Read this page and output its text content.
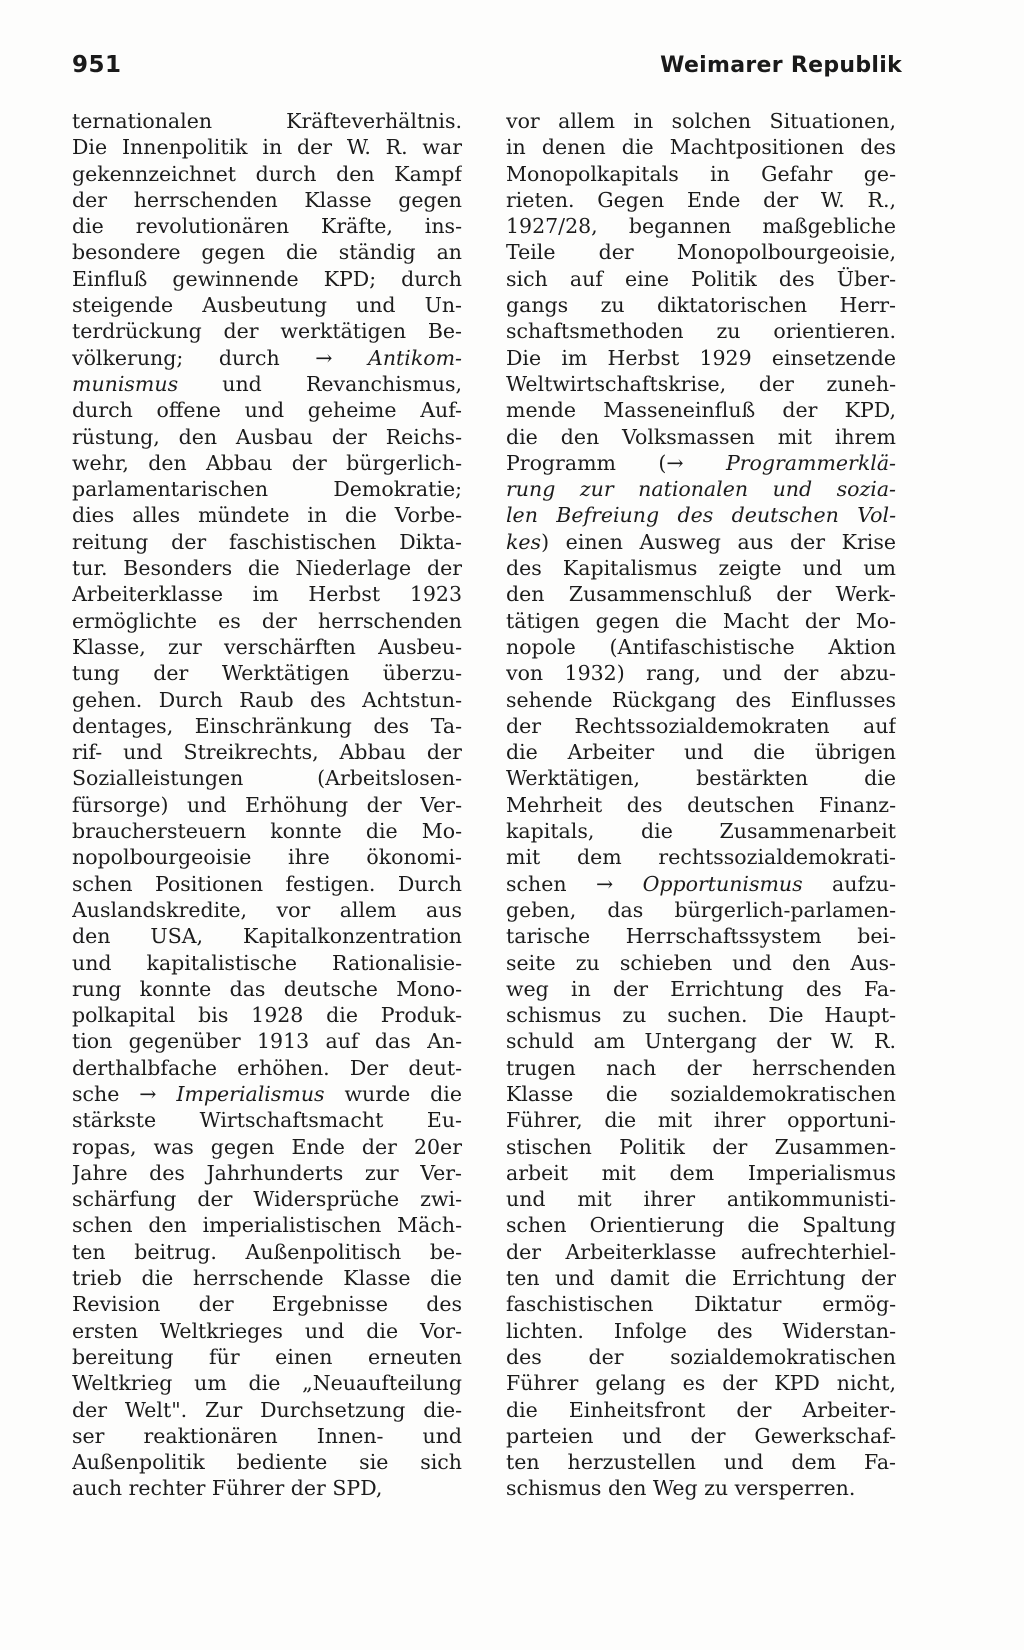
951	Weimarer Republik
ternationalen Kräfteverhältnis.
Die Innenpolitik in der W. R. war
gekennzeichnet durch den Kampf
der herrschenden Klasse gegen
die revolutionären Kräfte, ins-
besondere gegen die ständig an
Einfluß gewinnende KPD; durch
steigende Ausbeutung und Un-
terdrückung der werktätigen Be-
völkerung; durch → Antikom-
munismus und Revanchismus,
durch offene und geheime Auf-
rüstung, den Ausbau der Reichs-
wehr, den Abbau der bürgerlich-
parlamentarischen Demokratie;
dies alles mündete in die Vorbe-
reitung der faschistischen Dikta-
tur. Besonders die Niederlage der
Arbeiterklasse im Herbst 1923
ermöglichte es der herrschenden
Klasse, zur verschärften Ausbeu-
tung der Werktätigen überzu-
gehen. Durch Raub des Achtstun-
dentages, Einschränkung des Ta-
rif- und Streikrechts, Abbau der
Sozialleistungen (Arbeitslosen-
fürsorge) und Erhöhung der Ver-
brauchersteuern konnte die Mo-
nopolbourgeoisie ihre ökonomi-
schen Positionen festigen. Durch
Auslandskredite, vor allem aus
den USA, Kapitalkonzentration
und kapitalistische Rationalisie-
rung konnte das deutsche Mono-
polkapital bis 1928 die Produk-
tion gegenüber 1913 auf das An-
derthalbfache erhöhen. Der deut-
sche → Imperialismus wurde die
stärkste Wirtschaftsmacht Eu-
ropas, was gegen Ende der 20er
Jahre des Jahrhunderts zur Ver-
schärfung der Widersprüche zwi-
schen den imperialistischen Mäch-
ten beitrug. Außenpolitisch be-
trieb die herrschende Klasse die
Revision der Ergebnisse des
ersten Weltkrieges und die Vor-
bereitung für einen erneuten
Weltkrieg um die „Neuaufteilung
der Welt". Zur Durchsetzung die-
ser reaktionären Innen- und
Außenpolitik bediente sie sich
auch rechter Führer der SPD,
vor allem in solchen Situationen,
in denen die Machtpositionen des
Monopolkapitals in Gefahr ge-
rieten. Gegen Ende der W. R.,
1927/28, begannen maßgebliche
Teile der Monopolbourgeoisie,
sich auf eine Politik des Über-
gangs zu diktatorischen Herr-
schaftsmethoden zu orientieren.
Die im Herbst 1929 einsetzende
Weltwirtschaftskrise, der zuneh-
mende Masseneinfluß der KPD,
die den Volksmassen mit ihrem
Programm (→ Programmerklä-
rung zur nationalen und sozia-
len Befreiung des deutschen Vol-
kes) einen Ausweg aus der Krise
des Kapitalismus zeigte und um
den Zusammenschluß der Werk-
tätigen gegen die Macht der Mo-
nopole (Antifaschistische Aktion
von 1932) rang, und der abzu-
sehende Rückgang des Einflusses
der Rechtssozialdemokraten auf
die Arbeiter und die übrigen
Werktätigen, bestärkten die
Mehrheit des deutschen Finanz-
kapitals, die Zusammenarbeit
mit dem rechtssozialdemokrati-
schen → Opportunismus aufzu-
geben, das bürgerlich-parlamen-
tarische Herrschaftssystem bei-
seite zu schieben und den Aus-
weg in der Errichtung des Fa-
schismus zu suchen. Die Haupt-
schuld am Untergang der W. R.
trugen nach der herrschenden
Klasse die sozialdemokratischen
Führer, die mit ihrer opportuni-
stischen Politik der Zusammen-
arbeit mit dem Imperialismus
und mit ihrer antikommunisti-
schen Orientierung die Spaltung
der Arbeiterklasse aufrechterhiel-
ten und damit die Errichtung der
faschistischen Diktatur ermög-
lichten. Infolge des Widerstan-
des der sozialdemokratischen
Führer gelang es der KPD nicht,
die Einheitsfront der Arbeiter-
parteien und der Gewerkschaf-
ten herzustellen und dem Fa-
schismus den Weg zu versperren.
